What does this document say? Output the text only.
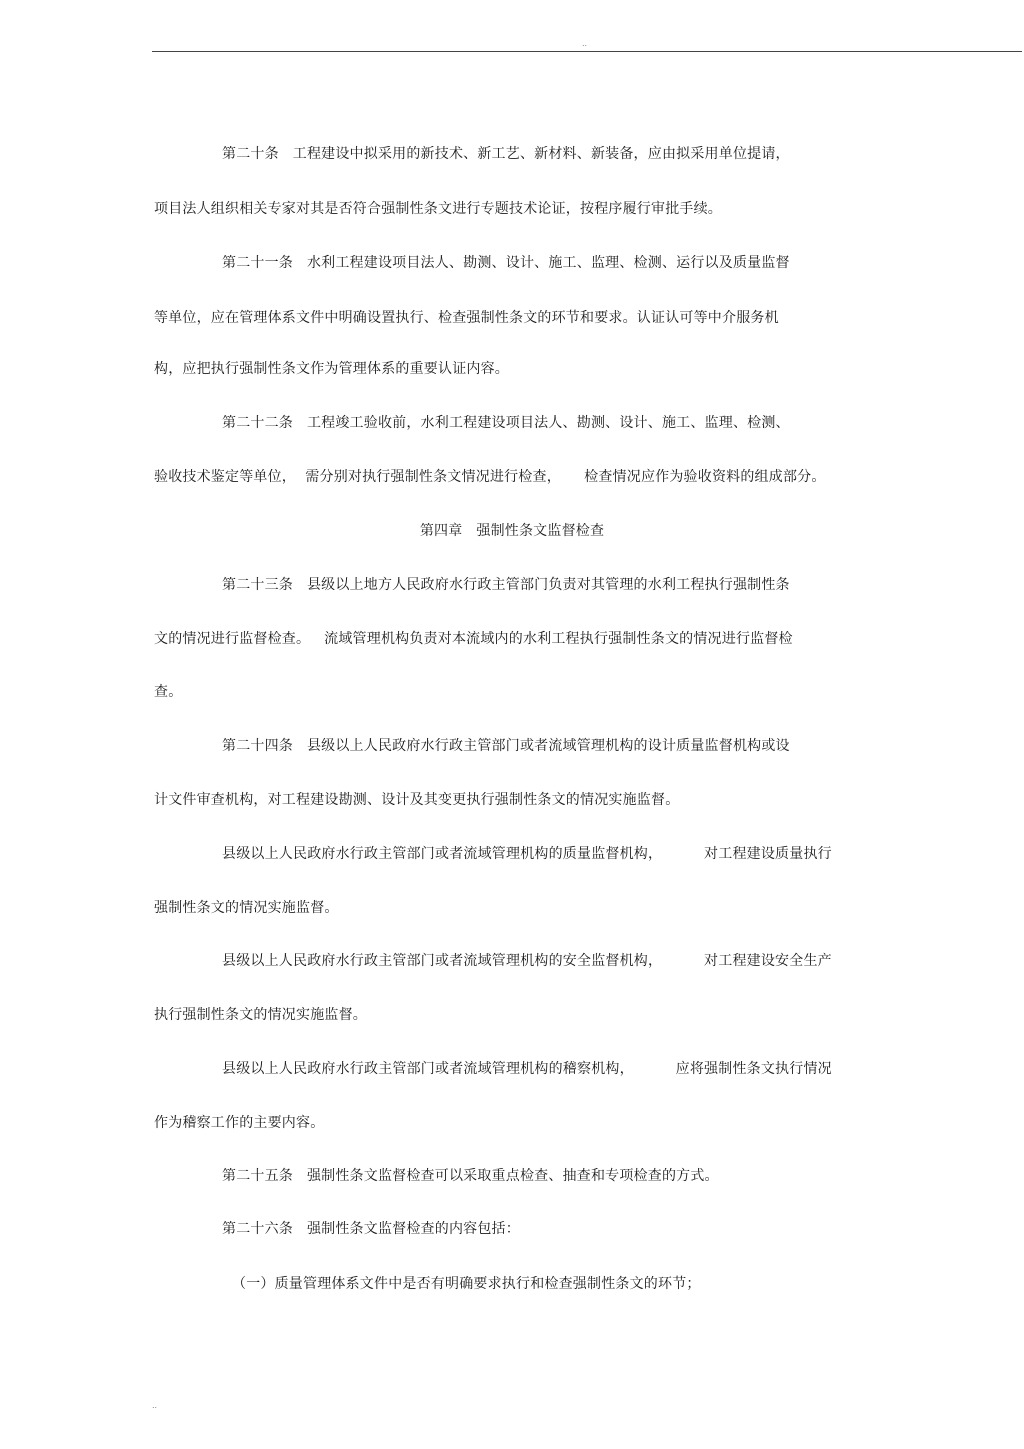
..
第二十条   工程建设中拟采用的新技术、新工艺、新材料、新装备，应由拟采用单位提请，
项目法人组织相关专家对其是否符合强制性条文进行专题技术论证，按程序履行审批手续。
第二十一条   水利工程建设项目法人、勘测、设计、施工、监理、检测、运行以及质量监督
等单位，应在管理体系文件中明确设置执行、检查强制性条文的环节和要求。认证认可等中介服务机
构，应把执行强制性条文作为管理体系的重要认证内容。
第二十二条   工程竣工验收前，水利工程建设项目法人、勘测、设计、施工、监理、检测、
验收技术鉴定等单位，  需分别对执行强制性条文情况进行检查，     检查情况应作为验收资料的组成部分。
第四章   强制性条文监督检查
第二十三条   县级以上地方人民政府水行政主管部门负责对其管理的水利工程执行强制性条
文的情况进行监督检查。   流域管理机构负责对本流域内的水利工程执行强制性条文的情况进行监督检
查。
第二十四条   县级以上人民政府水行政主管部门或者流域管理机构的设计质量监督机构或设
计文件审查机构，对工程建设勘测、设计及其变更执行强制性条文的情况实施监督。
县级以上人民政府水行政主管部门或者流域管理机构的质量监督机构，         对工程建设质量执行
强制性条文的情况实施监督。
县级以上人民政府水行政主管部门或者流域管理机构的安全监督机构，         对工程建设安全生产
执行强制性条文的情况实施监督。
县级以上人民政府水行政主管部门或者流域管理机构的稽察机构，         应将强制性条文执行情况
作为稽察工作的主要内容。
第二十五条   强制性条文监督检查可以采取重点检查、抽查和专项检查的方式。
第二十六条   强制性条文监督检查的内容包括：
（一）质量管理体系文件中是否有明确要求执行和检查强制性条文的环节；
..
